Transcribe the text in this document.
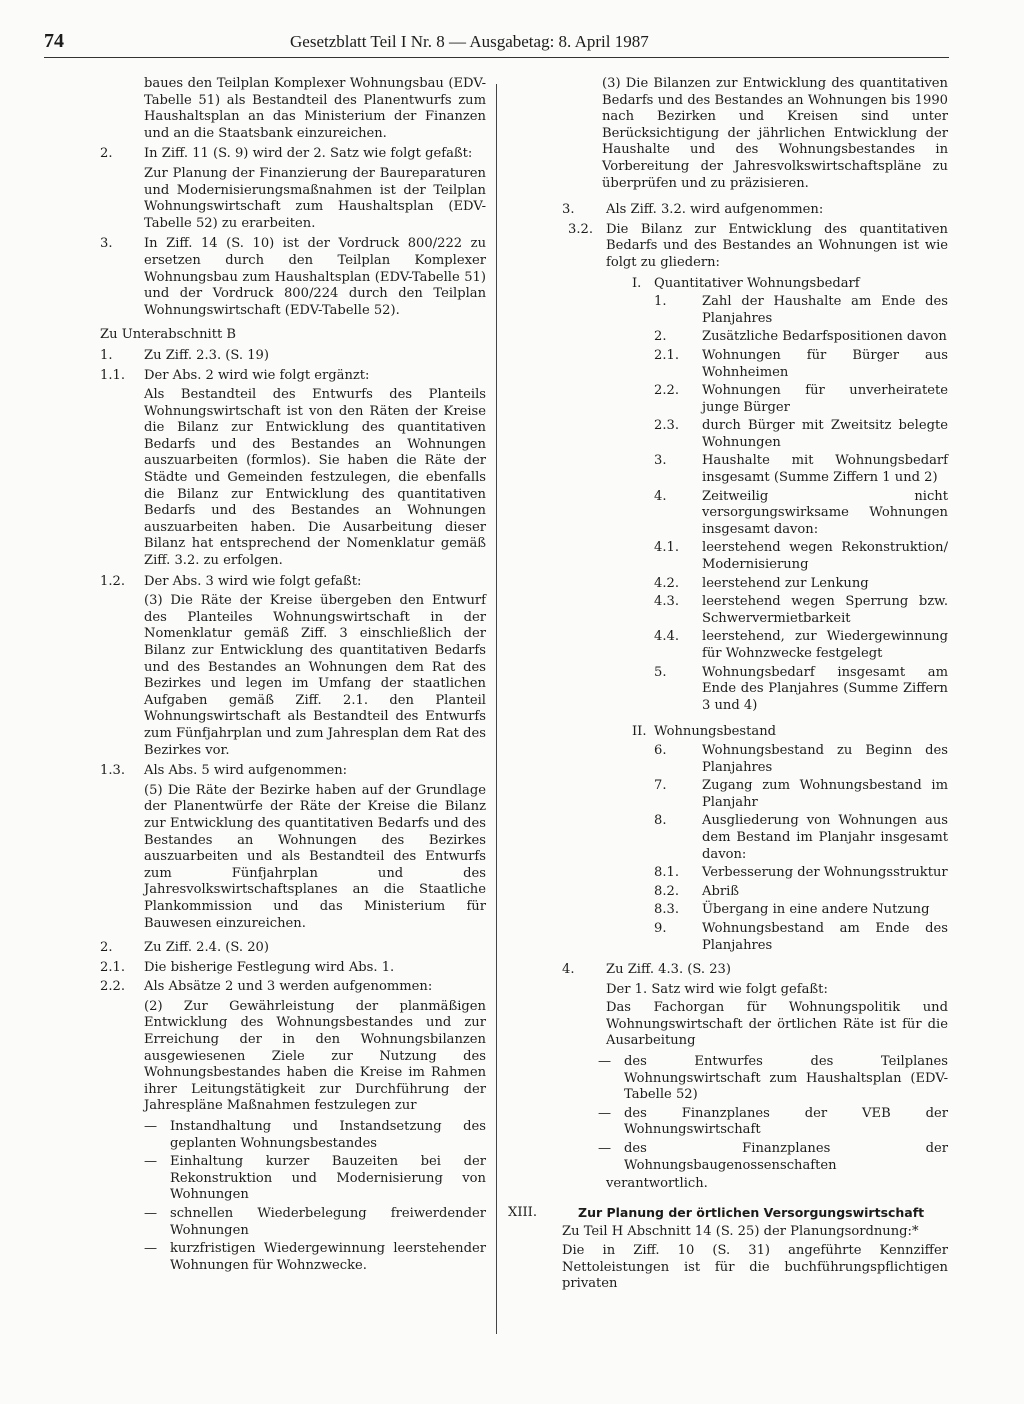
74	Gesetzblatt Teil I Nr. 8 — Ausgabetag: 8. April 1987
baues den Teilplan Komplexer Wohnungsbau (EDV-Tabelle 51) als Bestandteil des Planentwurfs zum Haushaltsplan an das Ministerium der Finanzen und an die Staatsbank einzureichen.
2.	In Ziff. 11 (S. 9) wird der 2. Satz wie folgt gefaßt:
Zur Planung der Finanzierung der Baureparaturen und Modernisierungsmaßnahmen ist der Teilplan Wohnungswirtschaft zum Haushaltsplan (EDV-Tabelle 52) zu erarbeiten.
3.	In Ziff. 14 (S. 10) ist der Vordruck 800/222 zu ersetzen durch den Teilplan Komplexer Wohnungsbau zum Haushaltsplan (EDV-Tabelle 51) und der Vordruck 800/224 durch den Teilplan Wohnungswirtschaft (EDV-Tabelle 52).
Zu Unterabschnitt B
1.	Zu Ziff. 2.3. (S. 19)
1.1.	Der Abs. 2 wird wie folgt ergänzt:
Als Bestandteil des Entwurfs des Planteils Wohnungswirtschaft ist von den Räten der Kreise die Bilanz zur Entwicklung des quantitativen Bedarfs und des Bestandes an Wohnungen auszuarbeiten (formlos). Sie haben die Räte der Städte und Gemeinden festzulegen, die ebenfalls die Bilanz zur Entwicklung des quantitativen Bedarfs und des Bestandes an Wohnungen auszuarbeiten haben. Die Ausarbeitung dieser Bilanz hat entsprechend der Nomenklatur gemäß Ziff. 3.2. zu erfolgen.
1.2.	Der Abs. 3 wird wie folgt gefaßt:
(3) Die Räte der Kreise übergeben den Entwurf des Planteiles Wohnungswirtschaft in der Nomenklatur gemäß Ziff. 3 einschließlich der Bilanz zur Entwicklung des quantitativen Bedarfs und des Bestandes an Wohnungen dem Rat des Bezirkes und legen im Umfang der staatlichen Aufgaben gemäß Ziff. 2.1. den Planteil Wohnungswirtschaft als Bestandteil des Entwurfs zum Fünfjahrplan und zum Jahresplan dem Rat des Bezirkes vor.
1.3.	Als Abs. 5 wird aufgenommen:
(5) Die Räte der Bezirke haben auf der Grundlage der Planentwürfe der Räte der Kreise die Bilanz zur Entwicklung des quantitativen Bedarfs und des Bestandes an Wohnungen des Bezirkes auszuarbeiten und als Bestandteil des Entwurfs zum Fünfjahrplan und des Jahresvolkswirtschaftsplanes an die Staatliche Plankommission und das Ministerium für Bauwesen einzureichen.
2.	Zu Ziff. 2.4. (S. 20)
2.1.	Die bisherige Festlegung wird Abs. 1.
2.2.	Als Absätze 2 und 3 werden aufgenommen:
(2) Zur Gewährleistung der planmäßigen Entwicklung des Wohnungsbestandes und zur Erreichung der in den Wohnungsbilanzen ausgewiesenen Ziele zur Nutzung des Wohnungsbestandes haben die Kreise im Rahmen ihrer Leitungstätigkeit zur Durchführung der Jahrespläne Maßnahmen festzulegen zur
— Instandhaltung und Instandsetzung des geplanten Wohnungsbestandes
— Einhaltung kurzer Bauzeiten bei der Rekonstruktion und Modernisierung von Wohnungen
— schnellen Wiederbelegung freiwerdender Wohnungen
— kurzfristigen Wiedergewinnung leerstehender Wohnungen für Wohnzwecke.
(3) Die Bilanzen zur Entwicklung des quantitativen Bedarfs und des Bestandes an Wohnungen bis 1990 nach Bezirken und Kreisen sind unter Berücksichtigung der jährlichen Entwicklung der Haushalte und des Wohnungsbestandes in Vorbereitung der Jahresvolkswirtschaftspläne zu überprüfen und zu präzisieren.
3.	Als Ziff. 3.2. wird aufgenommen:
3.2. Die Bilanz zur Entwicklung des quantitativen Bedarfs und des Bestandes an Wohnungen ist wie folgt zu gliedern:
I. Quantitativer Wohnungsbedarf
1.	Zahl der Haushalte am Ende des Planjahres
2.	Zusätzliche Bedarfspositionen davon
2.1.	Wohnungen für Bürger aus Wohnheimen
2.2.	Wohnungen für unverheiratete junge Bürger
2.3.	durch Bürger mit Zweitsitz belegte Wohnungen
3.	Haushalte mit Wohnungsbedarf insgesamt (Summe Ziffern 1 und 2)
4.	Zeitweilig nicht versorgungswirksame Wohnungen insgesamt davon:
4.1.	leerstehend wegen Rekonstruktion/ Modernisierung
4.2.	leerstehend zur Lenkung
4.3.	leerstehend wegen Sperrung bzw. Schwervermietbarkeit
4.4.	leerstehend, zur Wiedergewinnung für Wohnzwecke festgelegt
5.	Wohnungsbedarf insgesamt am Ende des Planjahres (Summe Ziffern 3 und 4)
II. Wohnungsbestand
6.	Wohnungsbestand zu Beginn des Planjahres
7.	Zugang zum Wohnungsbestand im Planjahr
8.	Ausgliederung von Wohnungen aus dem Bestand im Planjahr insgesamt davon:
8.1.	Verbesserung der Wohnungsstruktur
8.2.	Abriß
8.3.	Übergang in eine andere Nutzung
9.	Wohnungsbestand am Ende des Planjahres
4.	Zu Ziff. 4.3. (S. 23)
Der 1. Satz wird wie folgt gefaßt:
Das Fachorgan für Wohnungspolitik und Wohnungswirtschaft der örtlichen Räte ist für die Ausarbeitung
— des Entwurfes des Teilplanes Wohnungswirtschaft zum Haushaltsplan (EDV-Tabelle 52)
— des Finanzplanes der VEB der Wohnungswirtschaft
— des Finanzplanes der Wohnungsbaugenossenschaften
verantwortlich.
XIII.	Zur Planung der örtlichen Versorgungswirtschaft
Zu Teil H Abschnitt 14 (S. 25) der Planungsordnung:*
Die in Ziff. 10 (S. 31) angeführte Kennziffer Nettoleistungen ist für die buchführungspflichtigen privaten
